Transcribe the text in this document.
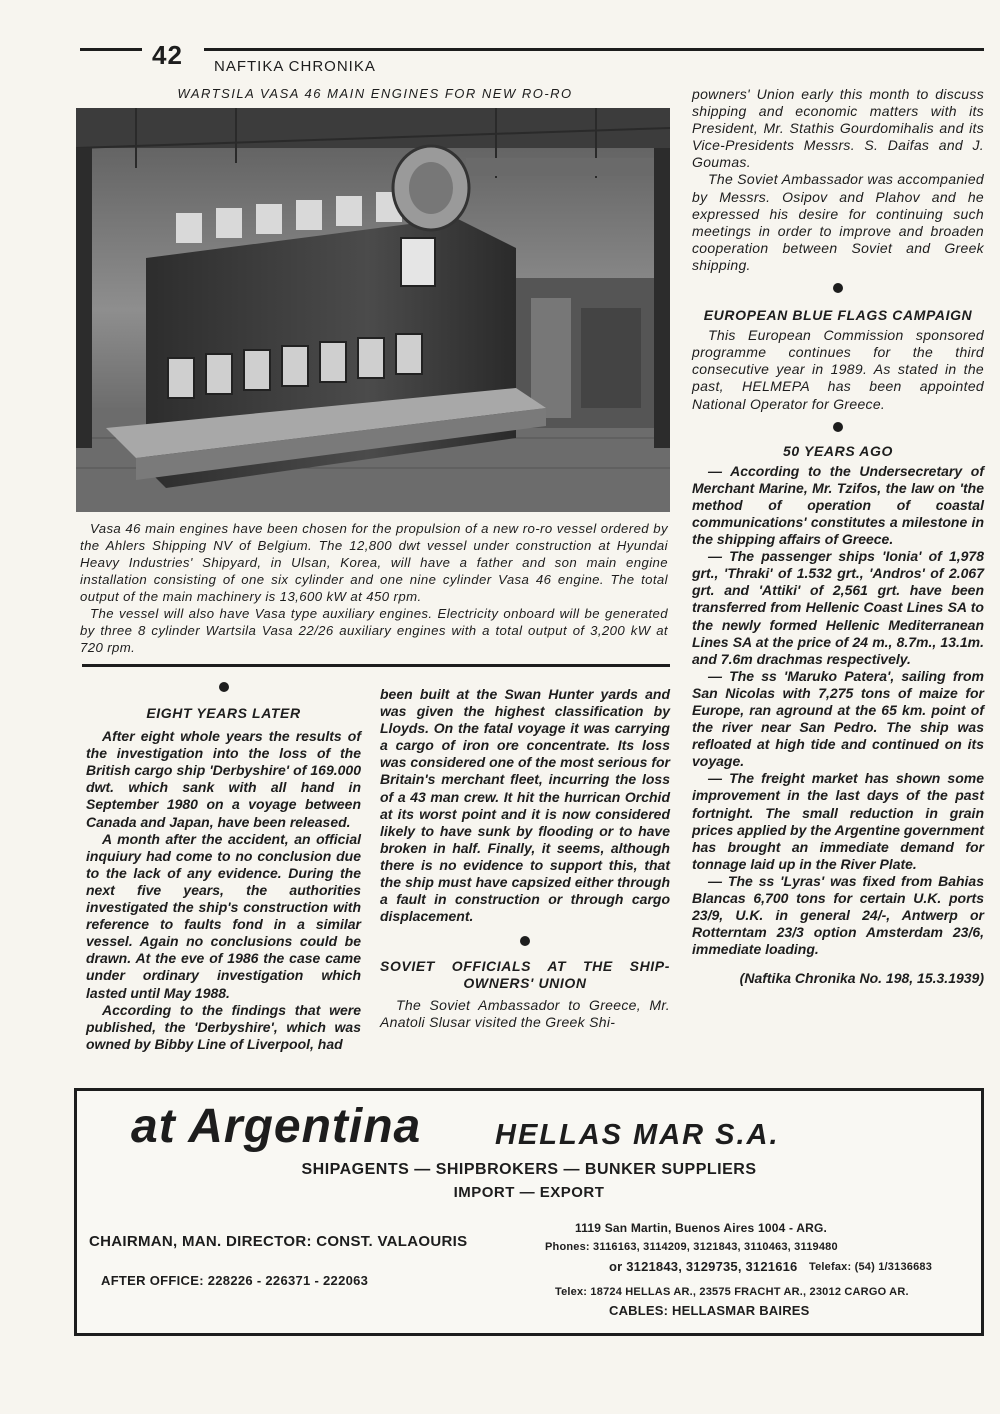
42 NAFTIKA CHRONIKA
WARTSILA VASA 46 MAIN ENGINES FOR NEW RO-RO

Vasa 46 main engines have been chosen for the propulsion of a new ro-ro vessel ordered by the Ahlers Shipping NV of Belgium. The 12,800 dwt vessel under construction at Hyundai Heavy Industries' Shipyard, in Ulsan, Korea, will have a father and son main engine installation consisting of one six cylinder and one nine cylinder Vasa 46 engine. The total output of the main machinery is 13,600 kW at 450 rpm.

The vessel will also have Vasa type auxiliary engines. Electricity onboard will be generated by three 8 cylinder Wartsila Vasa 22/26 auxiliary engines with a total output of 3,200 kW at 720 rpm.

EIGHT YEARS LATER

After eight whole years the results of the investigation into the loss of the British cargo ship 'Derbyshire' of 169.000 dwt. which sank with all hand in September 1980 on a voyage between Canada and Japan, have been released.

A month after the accident, an official inquiury had come to no conclusion due to the lack of any evidence. During the next five years, the authorities investigated the ship's construction with reference to faults fond in a similar vessel. Again no conclusions could be drawn. At the eve of 1986 the case came under ordinary investigation which lasted until May 1988.

According to the findings that were published, the 'Derbyshire', which was owned by Bibby Line of Liverpool, had

been built at the Swan Hunter yards and was given the highest classification by Lloyds. On the fatal voyage it was carrying a cargo of iron ore concentrate. Its loss was considered one of the most serious for Britain's merchant fleet, incurring the loss of a 43 man crew. It hit the hurrican Orchid at its worst point and it is now considered likely to have sunk by flooding or to have broken in half. Finally, it seems, although there is no evidence to support this, that the ship must have capsized either through a fault in construction or through cargo displacement.

SOVIET OFFICIALS AT THE SHIP-
OWNERS' UNION

The Soviet Ambassador to Greece, Mr. Anatoli Slusar visited the Greek Shi-

powners' Union early this month to discuss shipping and economic matters with its President, Mr. Stathis Gourdomihalis and its Vice-Presidents Messrs. S. Daifas and J. Goumas.

The Soviet Ambassador was accompanied by Messrs. Osipov and Plahov and he expressed his desire for continuing such meetings in order to improve and broaden cooperation between Soviet and Greek shipping.

EUROPEAN BLUE FLAGS CAMPAIGN

This European Commission sponsored programme continues for the third consecutive year in 1989. As stated in the past, HELMEPA has been appointed National Operator for Greece.

50 YEARS AGO

— According to the Undersecretary of Merchant Marine, Mr. Tzifos, the law on 'the method of operation of coastal communications' constitutes a milestone in the shipping affairs of Greece.

— The passenger ships 'Ionia' of 1,978 grt., 'Thraki' of 1.532 grt., 'Andros' of 2.067 grt. and 'Attiki' of 2,561 grt. have been transferred from Hellenic Coast Lines SA to the newly formed Hellenic Mediterranean Lines SA at the price of 24 m., 8.7m., 13.1m. and 7.6m drachmas respectively.

— The ss 'Maruko Patera', sailing from San Nicolas with 7,275 tons of maize for Europe, ran aground at the 65 km. point of the river near San Pedro. The ship was refloated at high tide and continued on its voyage.

— The freight market has shown some improvement in the last days of the past fortnight. The small reduction in grain prices applied by the Argentine government has brought an immediate demand for tonnage laid up in the River Plate.

— The ss 'Lyras' was fixed from Bahias Blancas 6,700 tons for certain U.K. ports 23/9, U.K. in general 24/-, Antwerp or Rotterntam 23/3 option Amsterdam 23/6, immediate loading.

(Naftika Chronika No. 198, 15.3.1939)
at Argentina	HELLAS MAR S.A.
SHIPAGENTS — SHIPBROKERS — BUNKER SUPPLIERS
IMPORT — EXPORT
CHAIRMAN, MAN. DIRECTOR: CONST. VALAOURIS
AFTER OFFICE: 228226 - 226371 - 222063
1119 San Martin, Buenos Aires 1004 - ARG.
Phones: 3116163, 3114209, 3121843, 3110463, 3119480
or 3121843, 3129735, 3121616 Telefax: (54) 1/3136683
Telex: 18724 HELLAS AR., 23575 FRACHT AR., 23012 CARGO AR.
CABLES: HELLASMAR BAIRES
